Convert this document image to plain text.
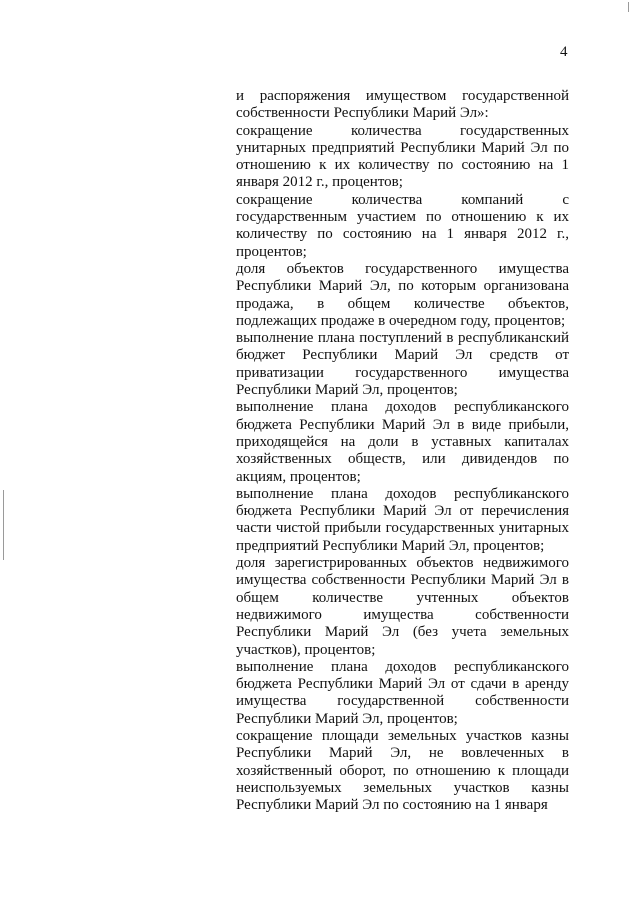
4

и распоряжения имуществом государственной собственности Республики Марий Эл»:

сокращение количества государственных унитарных предприятий Республики Марий Эл по отношению к их количеству по состоянию на 1 января 2012 г., процентов;

сокращение количества компаний с государственным участием по отношению к их количеству по состоянию на 1 января 2012 г., процентов;

доля объектов государственного имущества Республики Марий Эл, по которым организована продажа, в общем количестве объектов, подлежащих продаже в очередном году, процентов;

выполнение плана поступлений в республиканский бюджет Республики Марий Эл средств от приватизации государственного имущества Республики Марий Эл, процентов;

выполнение плана доходов республиканского бюджета Республики Марий Эл в виде прибыли, приходящейся на доли в уставных капиталах хозяйственных обществ, или дивидендов по акциям, процентов;

выполнение плана доходов республиканского бюджета Республики Марий Эл от перечисления части чистой прибыли государственных унитарных предприятий Республики Марий Эл, процентов;

доля зарегистрированных объектов недвижимого имущества собственности Республики Марий Эл в общем количестве учтенных объектов недвижимого имущества собственности Республики Марий Эл (без учета земельных участков), процентов;

выполнение плана доходов республиканского бюджета Республики Марий Эл от сдачи в аренду имущества государственной собственности Республики Марий Эл, процентов;

сокращение площади земельных участков казны Республики Марий Эл, не вовлеченных в хозяйственный оборот, по отношению к площади неиспользуемых земельных участков казны Республики Марий Эл по состоянию на 1 января
